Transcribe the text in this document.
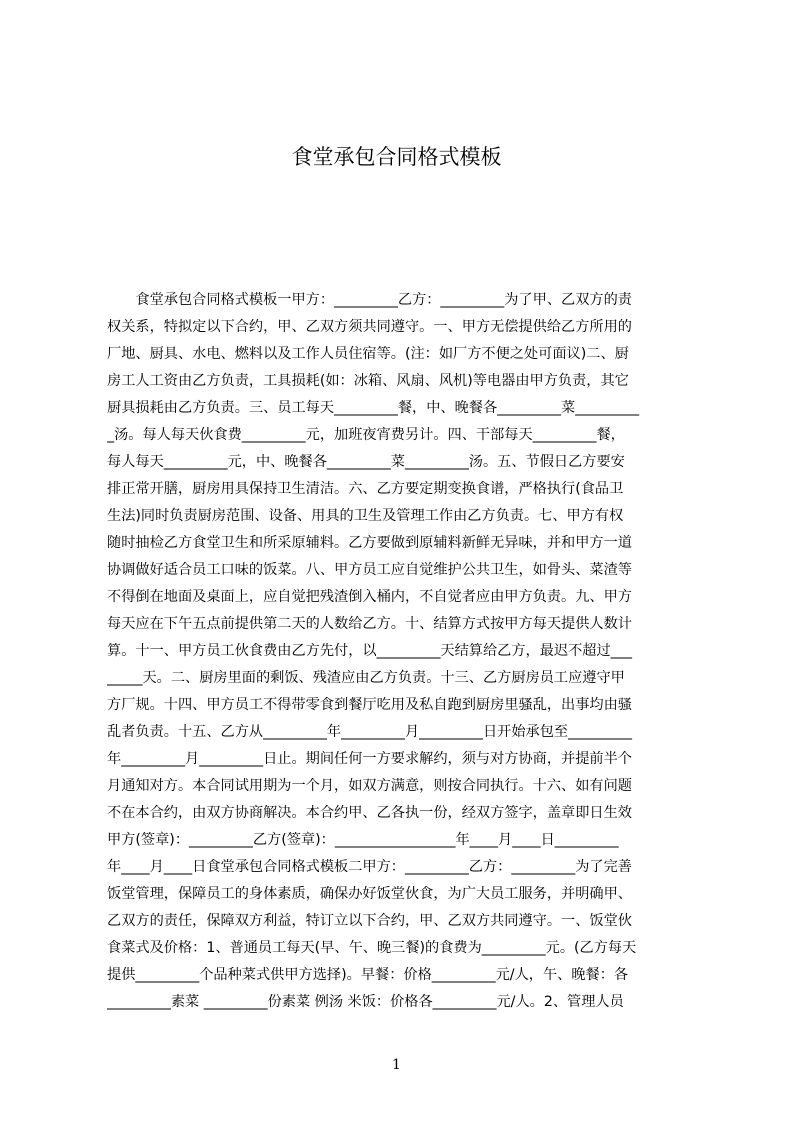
食堂承包合同格式模板
　　食堂承包合同格式模板一甲方：_________乙方：_________为了甲、乙双方的责
权关系，特拟定以下合约，甲、乙双方须共同遵守。一、甲方无偿提供给乙方所用的
厂地、厨具、水电、燃料以及工作人员住宿等。(注：如厂方不便之处可面议)二、厨
房工人工资由乙方负责，工具损耗(如：冰箱、风扇、风机)等电器由甲方负责，其它
厨具损耗由乙方负责。三、员工每天_________餐，中、晚餐各_________菜_________
_汤。每人每天伙食费_________元，加班夜宵费另计。四、干部每天_________餐，
每人每天_________元，中、晚餐各_________菜_________汤。五、节假日乙方要安
排正常开膳，厨房用具保持卫生清洁。六、乙方要定期变换食谱，严格执行(食品卫
生法)同时负责厨房范围、设备、用具的卫生及管理工作由乙方负责。七、甲方有权
随时抽检乙方食堂卫生和所采原辅料。乙方要做到原辅料新鲜无异味，并和甲方一道
协调做好适合员工口味的饭菜。八、甲方员工应自觉维护公共卫生，如骨头、菜渣等
不得倒在地面及桌面上，应自觉把残渣倒入桶内，不自觉者应由甲方负责。九、甲方
每天应在下午五点前提供第二天的人数给乙方。十、结算方式按甲方每天提供人数计
算。十一、甲方员工伙食费由乙方先付，以_________天结算给乙方，最迟不超过___
_____天。二、厨房里面的剩饭、残渣应由乙方负责。十三、乙方厨房员工应遵守甲
方厂规。十四、甲方员工不得带零食到餐厅吃用及私自跑到厨房里骚乱，出事均由骚
乱者负责。十五、乙方从_________年_________月_________日开始承包至_________
年_________月_________日止。期间任何一方要求解约，须与对方协商，并提前半个
月通知对方。本合同试用期为一个月，如双方满意，则按合同执行。十六、如有问题
不在本合约，由双方协商解决。本合约甲、乙各执一份，经双方签字，盖章即日生效
甲方(签章)：_________乙方(签章)：_________________年____月____日_________
年____月____日食堂承包合同格式模板二甲方：_________乙方：_________为了完善
饭堂管理，保障员工的身体素质，确保办好饭堂伙食，为广大员工服务，并明确甲、
乙双方的责任，保障双方利益，特订立以下合约，甲、乙双方共同遵守。一、饭堂伙
食菜式及价格：1、普通员工每天(早、午、晚三餐)的食费为_________元。(乙方每天
提供_________个品种菜式供甲方选择)。早餐：价格_________元/人，午、晚餐：各
_________素菜 _________份素菜 例汤 米饭：价格各_________元/人。2、管理人员
1
